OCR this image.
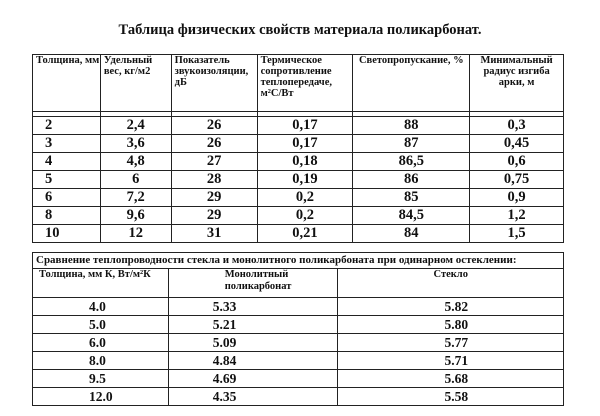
Таблица физических свойств материала поликарбонат.
Толщина, мм	Удельный вес, кг/м2	Показатель звукоизоляции, дБ	Термическое сопротивление теплопередаче, м²С/Вт	Светопропускание, %	Минимальный радиус изгиба арки, м

2	2,4	26	0,17	88	0,3
3	3,6	26	0,17	87	0,45
4	4,8	27	0,18	86,5	0,6
5	6	28	0,19	86	0,75
6	7,2	29	0,2	85	0,9
8	9,6	29	0,2	84,5	1,2
10	12	31	0,21	84	1,5
Сравнение теплопроводности стекла и монолитного поликарбоната при одинарном остеклении:		
Толщина, мм К, Вт/м²К	Монолитный поликарбонат	Стекло
4.0	5.33	5.82
5.0	5.21	5.80
6.0	5.09	5.77
8.0	4.84	5.71
9.5	4.69	5.68
12.0	4.35	5.58
